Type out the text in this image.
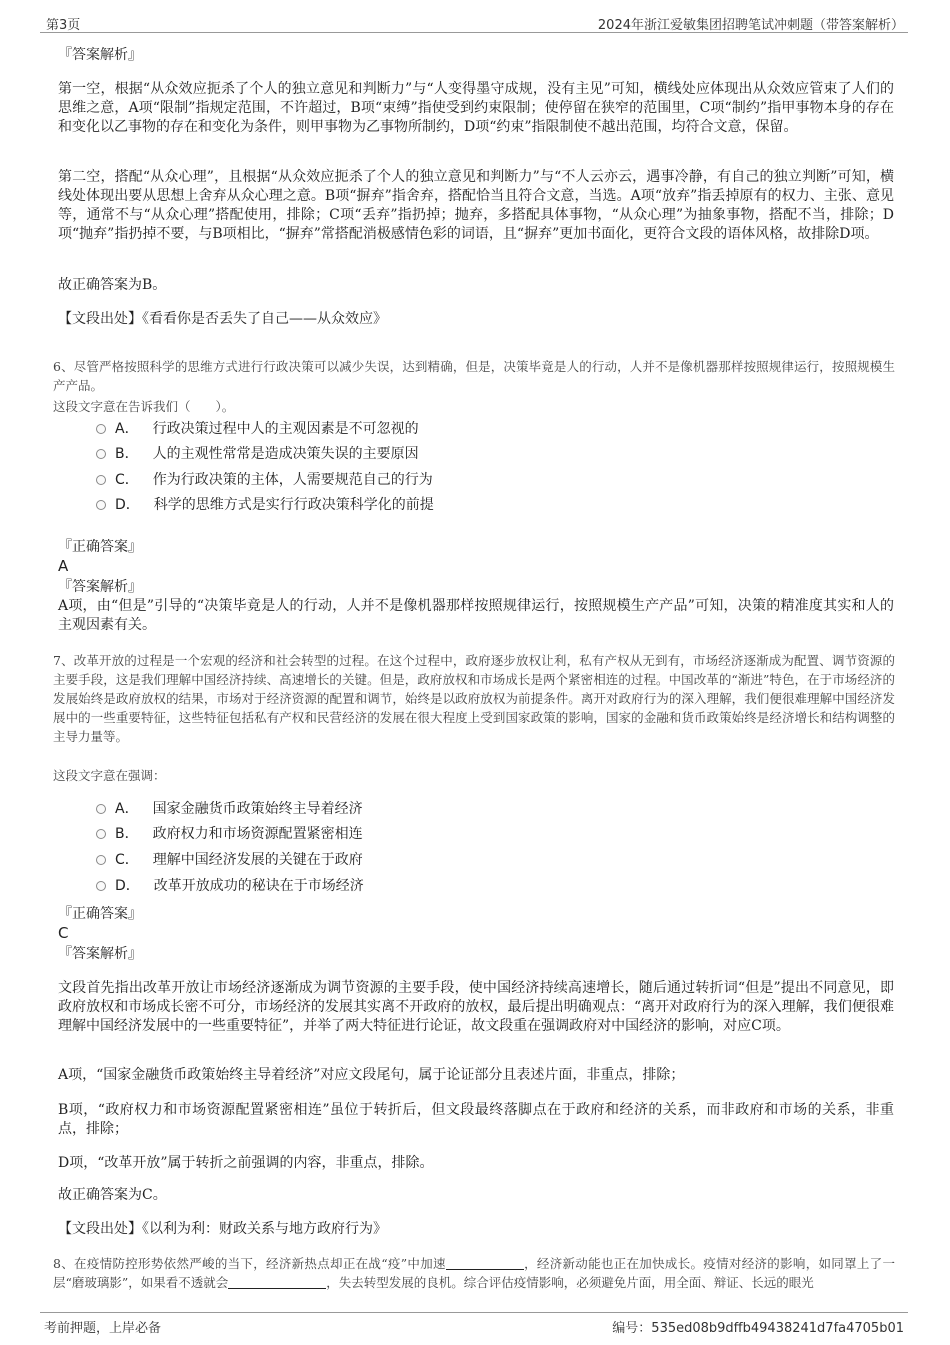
第3页	2024年浙江爱敏集团招聘笔试冲刺题（带答案解析）
『答案解析』

第一空，根据“从众效应扼杀了个人的独立意见和判断力”与“人变得墨守成规，没有主见”可知，横线处应体现出从众效应管束了人们的思维之意，A项“限制”指规定范围，不许超过，B项“束缚”指使受到约束限制；使停留在狭窄的范围里，C项“制约”指甲事物本身的存在和变化以乙事物的存在和变化为条件，则甲事物为乙事物所制约，D项“约束”指限制使不越出范围，均符合文意，保留。

第二空，搭配“从众心理”，且根据“从众效应扼杀了个人的独立意见和判断力”与“不人云亦云，遇事冷静，有自己的独立判断”可知，横线处体现出要从思想上舍弃从众心理之意。B项“摒弃”指舍弃，搭配恰当且符合文意，当选。A项“放弃”指丢掉原有的权力、主张、意见等，通常不与“从众心理”搭配使用，排除；C项“丢弃”指扔掉；抛弃，多搭配具体事物，“从众心理”为抽象事物，搭配不当，排除；D项“抛弃”指扔掉不要，与B项相比，“摒弃”常搭配消极感情色彩的词语，且“摒弃”更加书面化，更符合文段的语体风格，故排除D项。

故正确答案为B。
【文段出处】《看看你是否丢失了自己——从众效应》

6、尽管严格按照科学的思维方式进行行政决策可以减少失误，达到精确，但是，决策毕竟是人的行动，人并不是像机器那样按照规律运行，按照规模生产产品。

这段文字意在告诉我们（　　）。
A． 行政决策过程中人的主观因素是不可忽视的
B． 人的主观性常常是造成决策失误的主要原因
C． 作为行政决策的主体，人需要规范自己的行为
D． 科学的思维方式是实行行政决策科学化的前提
『正确答案』
A
『答案解析』

A项，由“但是”引导的“决策毕竟是人的行动，人并不是像机器那样按照规律运行，按照规模生产产品”可知，决策的精准度其实和人的主观因素有关。

7、改革开放的过程是一个宏观的经济和社会转型的过程。在这个过程中，政府逐步放权让利，私有产权从无到有，市场经济逐渐成为配置、调节资源的主要手段，这是我们理解中国经济持续、高速增长的关键。但是，政府放权和市场成长是两个紧密相连的过程。中国改革的“渐进”特色，在于市场经济的发展始终是政府放权的结果，市场对于经济资源的配置和调节，始终是以政府放权为前提条件。离开对政府行为的深入理解，我们便很难理解中国经济发展中的一些重要特征，这些特征包括私有产权和民营经济的发展在很大程度上受到国家政策的影响，国家的金融和货币政策始终是经济增长和结构调整的主导力量等。

这段文字意在强调：
A． 国家金融货币政策始终主导着经济
B． 政府权力和市场资源配置紧密相连
C． 理解中国经济发展的关键在于政府
D． 改革开放成功的秘诀在于市场经济
『正确答案』
C
『答案解析』

文段首先指出改革开放让市场经济逐渐成为调节资源的主要手段，使中国经济持续高速增长，随后通过转折词“但是”提出不同意见，即政府放权和市场成长密不可分，市场经济的发展其实离不开政府的放权，最后提出明确观点：“离开对政府行为的深入理解，我们便很难理解中国经济发展中的一些重要特征”，并举了两大特征进行论证，故文段重在强调政府对中国经济的影响，对应C项。

A项，“国家金融货币政策始终主导着经济”对应文段尾句，属于论证部分且表述片面，非重点，排除；

B项，“政府权力和市场资源配置紧密相连”虽位于转折后，但文段最终落脚点在于政府和经济的关系，而非政府和市场的关系，非重点，排除；

D项，“改革开放”属于转折之前强调的内容，非重点，排除。

故正确答案为C。
【文段出处】《以利为利：财政关系与地方政府行为》

8、在疫情防控形势依然严峻的当下，经济新热点却正在战“疫”中加速	，经济新动能也正在加快成长。疫情对经济的影响，如同罩上了一层“磨玻璃影”，如果看不透就会	，失去转型发展的良机。综合评估疫情影响，必须避免片面，用全面、辩证、长远的眼光

考前押题，上岸必备	编号：535ed08b9dffb49438241d7fa4705b01
